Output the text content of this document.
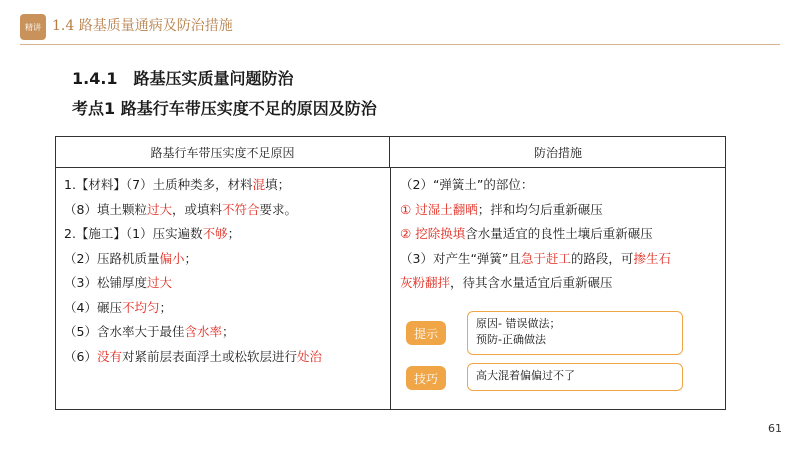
精讲 1.4 路基质量通病及防治措施
1.4.1　路基压实质量问题防治
考点1 路基行车带压实度不足的原因及防治
路基行车带压实度不足原因	防治措施
1.【材料】（7）土质种类多，材料混填；
（8）填土颗粒过大，或填料不符合要求。
2.【施工】（1）压实遍数不够；
（2）压路机质量偏小；
（3）松铺厚度过大
（4）碾压不均匀；
（5）含水率大于最佳含水率；
（6）没有对紧前层表面浮土或松软层进行处治
（2）“弹簧土”的部位：
① 过湿土翻晒；拌和均匀后重新碾压
② 挖除换填含水量适宜的良性土壤后重新碾压
（3）对产生“弹簧”且急于赶工的路段，可掺生石
灰粉翻拌，待其含水量适宜后重新碾压
提示
原因- 错误做法；
预防-正确做法
技巧	高大混着偏偏过不了
61
